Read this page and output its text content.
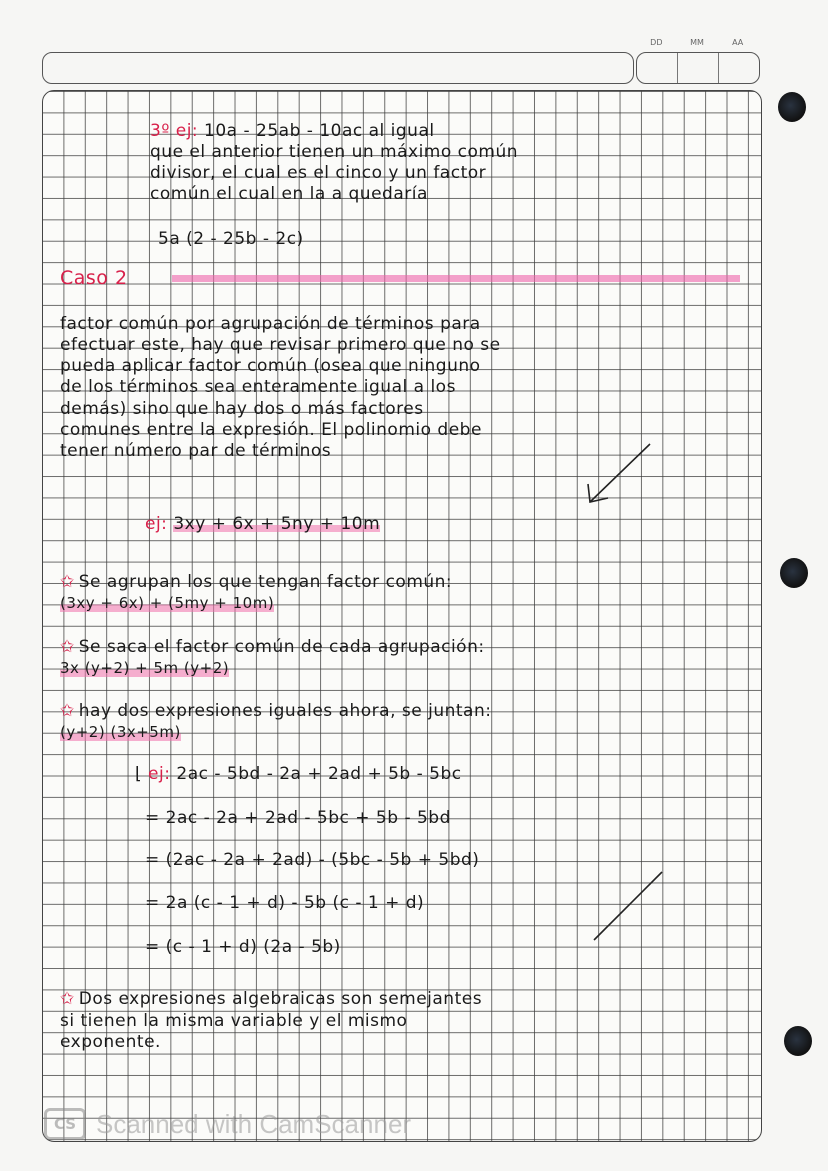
DD	MM	AA
3º ej: 10a - 25ab - 10ac al igual
que el anterior tienen un máximo común
divisor, el cual es el cinco y un factor
común el cual en la a quedaría
5a (2 - 25b - 2c)
Caso 2
factor común por agrupación de términos para
efectuar este, hay que revisar primero que no se
pueda aplicar factor común (osea que ninguno
de los términos sea enteramente igual a los
demás) sino que hay dos o más factores
comunes entre la expresión. El polinomio debe
tener número par de términos
ej: 3xy + 6x + 5ny + 10m
✩ Se agrupan los que tengan factor común:
(3xy + 6x) + (5my + 10m)
✩ Se saca el factor común de cada agrupación:
3x (y+2) + 5m (y+2)
✩ hay dos expresiones iguales ahora, se juntan:
(y+2) (3x+5m)
⌊ ej: 2ac - 5bd - 2a + 2ad + 5b - 5bc
= 2ac - 2a + 2ad - 5bc + 5b - 5bd
= (2ac - 2a + 2ad) - (5bc - 5b + 5bd)
= 2a (c - 1 + d) - 5b (c - 1 + d)
= (c - 1 + d) (2a - 5b)
✩ Dos expresiones algebraicas son semejantes
si tienen la misma variable y el mismo
exponente.
CS Scanned with CamScanner
